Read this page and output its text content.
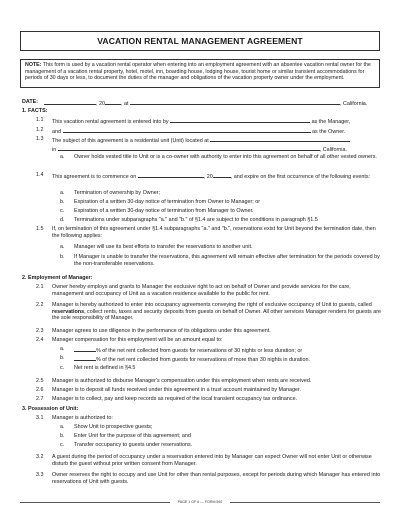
VACATION RENTAL MANAGEMENT AGREEMENT
NOTE: This form is used by a vacation rental operator when entering into an employment agreement with an absentee vacation rental owner for the management of a vacation rental property, hotel, motel, inn, boarding house, lodging house, tourist home or similar transient accommodations for periods of 30 days or less, to document the duties of the manager and obligations of the vacation property owner under the employment.
DATE:	, 20	, at	, California.
1. FACTS:
1.1 This vacation rental agreement is entered into by	as the Manager,
1.2 and	as the Owner.
1.3 The subject of this agreement is a residential unit (Unit) located at
in	, California.
a. Owner holds vested title to Unit or is a co-owner with authority to enter into this agreement on behalf of all other vested owners.
1.4 This agreement is to commence on	, 20	, and expire on the first occurrence of the following events:
a. Termination of ownership by Owner;
b. Expiration of a written 30-day notice of termination from Owner to Manager; or
c. Expiration of a written 30-day notice of termination from Manager to Owner.
d. Terminations under subparagraphs "a." and "b." of §1.4 are subject to the conditions in paragraph §1.5
1.5 If, on termination of this agreement under §1.4 subparagraphs "a." and "b.", reservations exist for Unit beyond the termination date, then the following applies:
a. Manager will use its best efforts to transfer the reservations to another unit.
b. If Manager is unable to transfer the reservations, this agreement will remain effective after termination for the periods covered by the non-transferable reservations.
2. Employment of Manager:
2.1 Owner hereby employs and grants to Manager the exclusive right to act on behalf of Owner and provide services for the care, management and occupancy of Unit as a vacation residence available to the public for rent.
2.2 Manager is hereby authorized to enter into occupancy agreements conveying the right of exclusive occupancy of Unit to guests, called reservations, collect rents, taxes and security deposits from guests on behalf of Owner. All other services Manager renders for guests are the sole responsibility of Manager.
2.3 Manager agrees to use diligence in the performance of its obligations under this agreement.
2.4 Manager compensation for this employment will be an amount equal to:
a.	% of the net rent collected from guests for reservations of 30 nights or less duration; or
b.	% of the net rent collected from guests for reservations of more than 30 nights in duration.
c. Net rent is defined in §4.5
2.5 Manager is authorized to disburse Manager's compensation under this employment when rents are received.
2.6 Manager is to deposit all funds received under this agreement in a trust account maintained by Manager.
2.7 Manager is to collect, pay and keep records as required of the local transient occupancy tax ordinance.
3. Possession of Unit:
3.1 Manager is authorized to:
a. Show Unit to prospective guests;
b. Enter Unit for the purpose of this agreement; and
c. Transfer occupancy to guests under reservations.
3.2 A guest during the period of occupancy under a reservation entered into by Manager can expect Owner will not enter Unit or otherwise disturb the guest without prior written consent from Manager.
3.3 Owner reserves the right to occupy and use Unit for other than rental purposes, except for periods during which Manager has entered into reservations of Unit with guests.
PAGE 1 OF 6 — FORM 592
